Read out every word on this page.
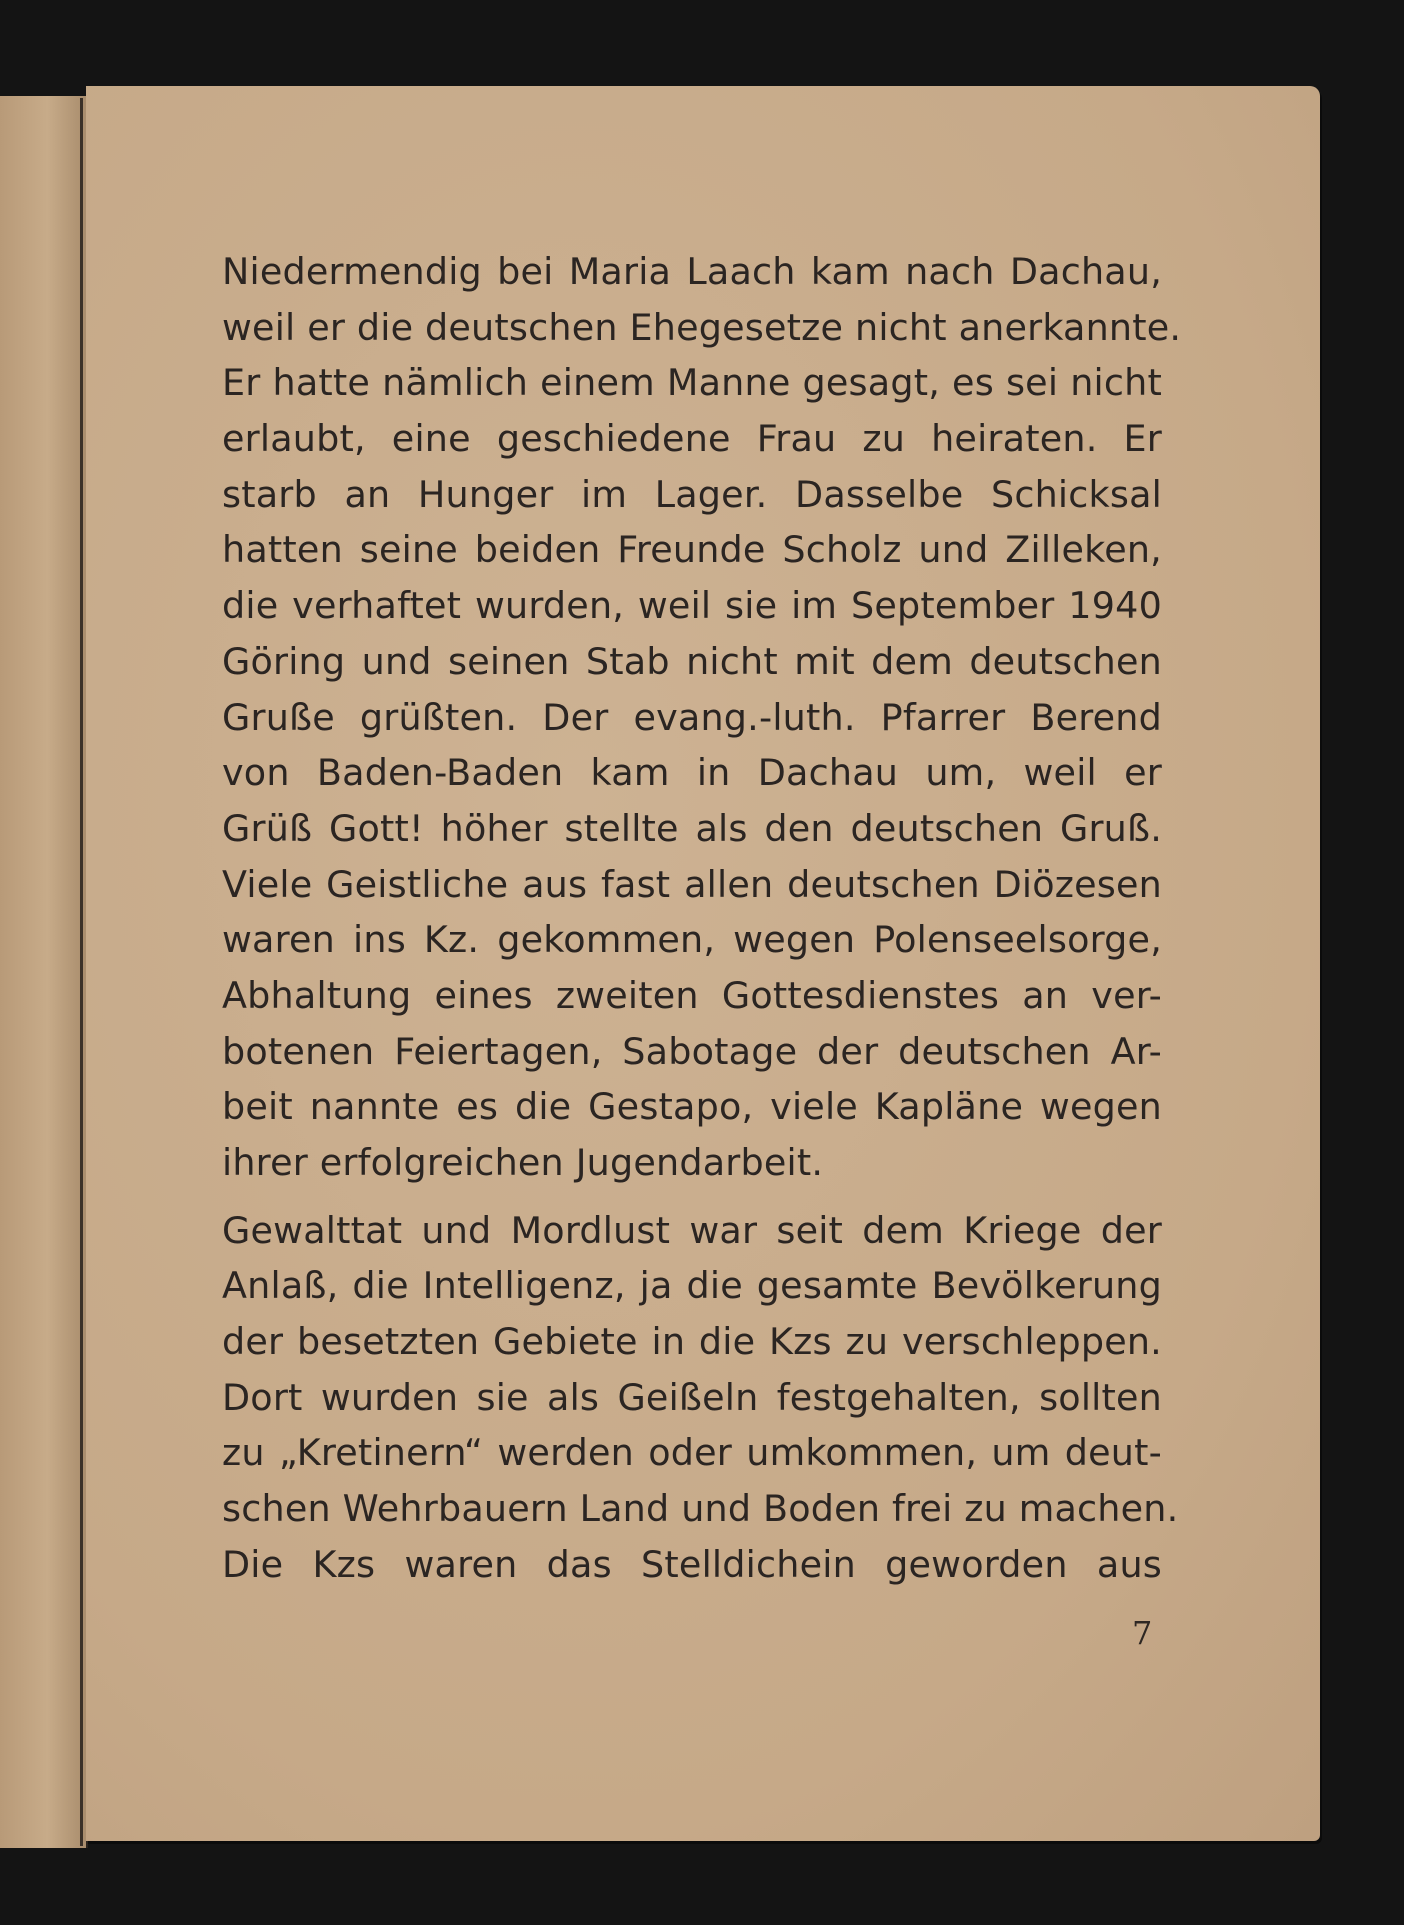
Niedermendig bei Maria Laach kam nach Dachau,
weil er die deutschen Ehegesetze nicht anerkannte.
Er hatte nämlich einem Manne gesagt, es sei nicht
erlaubt, eine geschiedene Frau zu heiraten. Er
starb an Hunger im Lager. Dasselbe Schicksal
hatten seine beiden Freunde Scholz und Zilleken,
die verhaftet wurden, weil sie im September 1940
Göring und seinen Stab nicht mit dem deutschen
Gruße grüßten. Der evang.-luth. Pfarrer Berend
von Baden-Baden kam in Dachau um, weil er
Grüß Gott! höher stellte als den deutschen Gruß.
Viele Geistliche aus fast allen deutschen Diözesen
waren ins Kz. gekommen, wegen Polenseelsorge,
Abhaltung eines zweiten Gottesdienstes an ver-
botenen Feiertagen, Sabotage der deutschen Ar-
beit nannte es die Gestapo, viele Kapläne wegen
ihrer erfolgreichen Jugendarbeit.
Gewalttat und Mordlust war seit dem Kriege der
Anlaß, die Intelligenz, ja die gesamte Bevölkerung
der besetzten Gebiete in die Kzs zu verschleppen.
Dort wurden sie als Geißeln festgehalten, sollten
zu „Kretinern“ werden oder umkommen, um deut-
schen Wehrbauern Land und Boden frei zu machen.
Die Kzs waren das Stelldichein geworden aus
7
